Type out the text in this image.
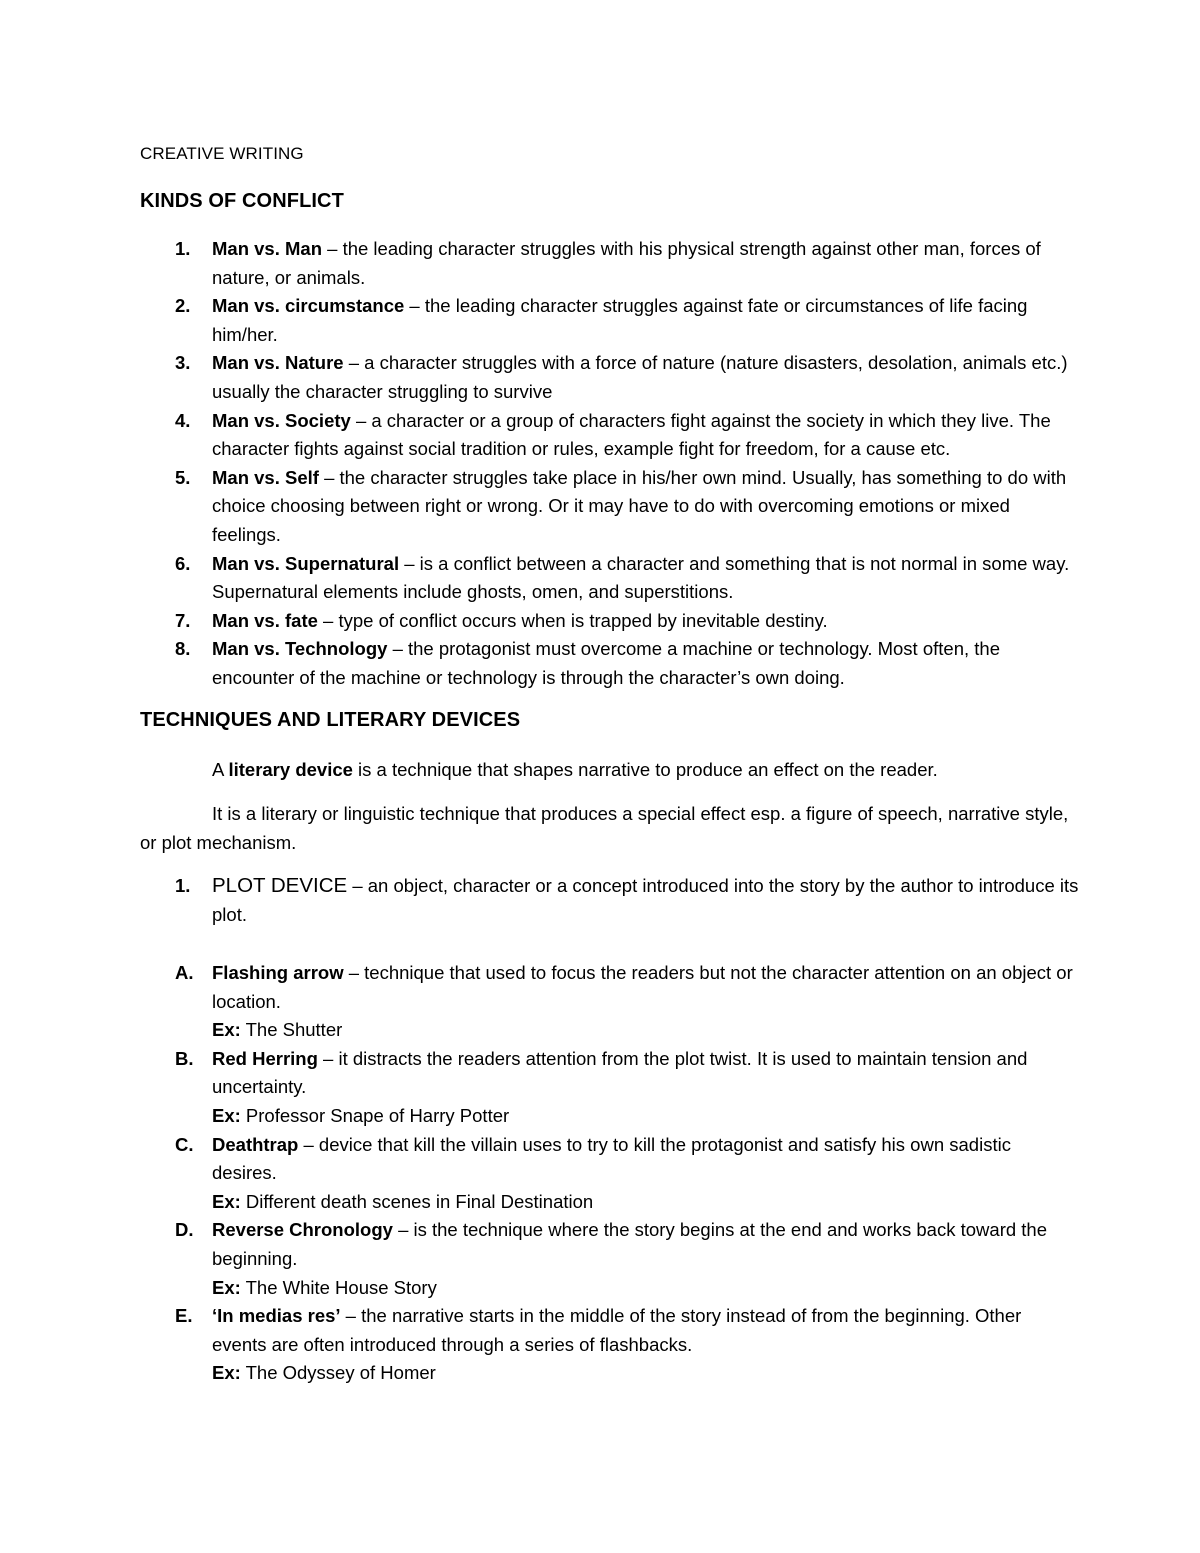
CREATIVE WRITING
KINDS OF CONFLICT
1. Man vs. Man – the leading character struggles with his physical strength against other man, forces of nature, or animals.
2. Man vs. circumstance – the leading character struggles against fate or circumstances of life facing him/her.
3. Man vs. Nature – a character struggles with a force of nature (nature disasters, desolation, animals etc.) usually the character struggling to survive
4. Man vs. Society – a character or a group of characters fight against the society in which they live. The character fights against social tradition or rules, example fight for freedom, for a cause etc.
5. Man vs. Self – the character struggles take place in his/her own mind. Usually, has something to do with choice choosing between right or wrong. Or it may have to do with overcoming emotions or mixed feelings.
6. Man vs. Supernatural – is a conflict between a character and something that is not normal in some way. Supernatural elements include ghosts, omen, and superstitions.
7. Man vs. fate – type of conflict occurs when is trapped by inevitable destiny.
8. Man vs. Technology – the protagonist must overcome a machine or technology. Most often, the encounter of the machine or technology is through the character’s own doing.
TECHNIQUES AND LITERARY DEVICES
A literary device is a technique that shapes narrative to produce an effect on the reader.
It is a literary or linguistic technique that produces a special effect esp. a figure of speech, narrative style, or plot mechanism.
1. PLOT DEVICE – an object, character or a concept introduced into the story by the author to introduce its plot.
A. Flashing arrow – technique that used to focus the readers but not the character attention on an object or location.
Ex: The Shutter
B. Red Herring – it distracts the readers attention from the plot twist. It is used to maintain tension and uncertainty.
Ex: Professor Snape of Harry Potter
C. Deathtrap – device that kill the villain uses to try to kill the protagonist and satisfy his own sadistic desires.
Ex: Different death scenes in Final Destination
D. Reverse Chronology – is the technique where the story begins at the end and works back toward the beginning.
Ex: The White House Story
E. ‘In medias res’ – the narrative starts in the middle of the story instead of from the beginning. Other events are often introduced through a series of flashbacks.
Ex: The Odyssey of Homer
